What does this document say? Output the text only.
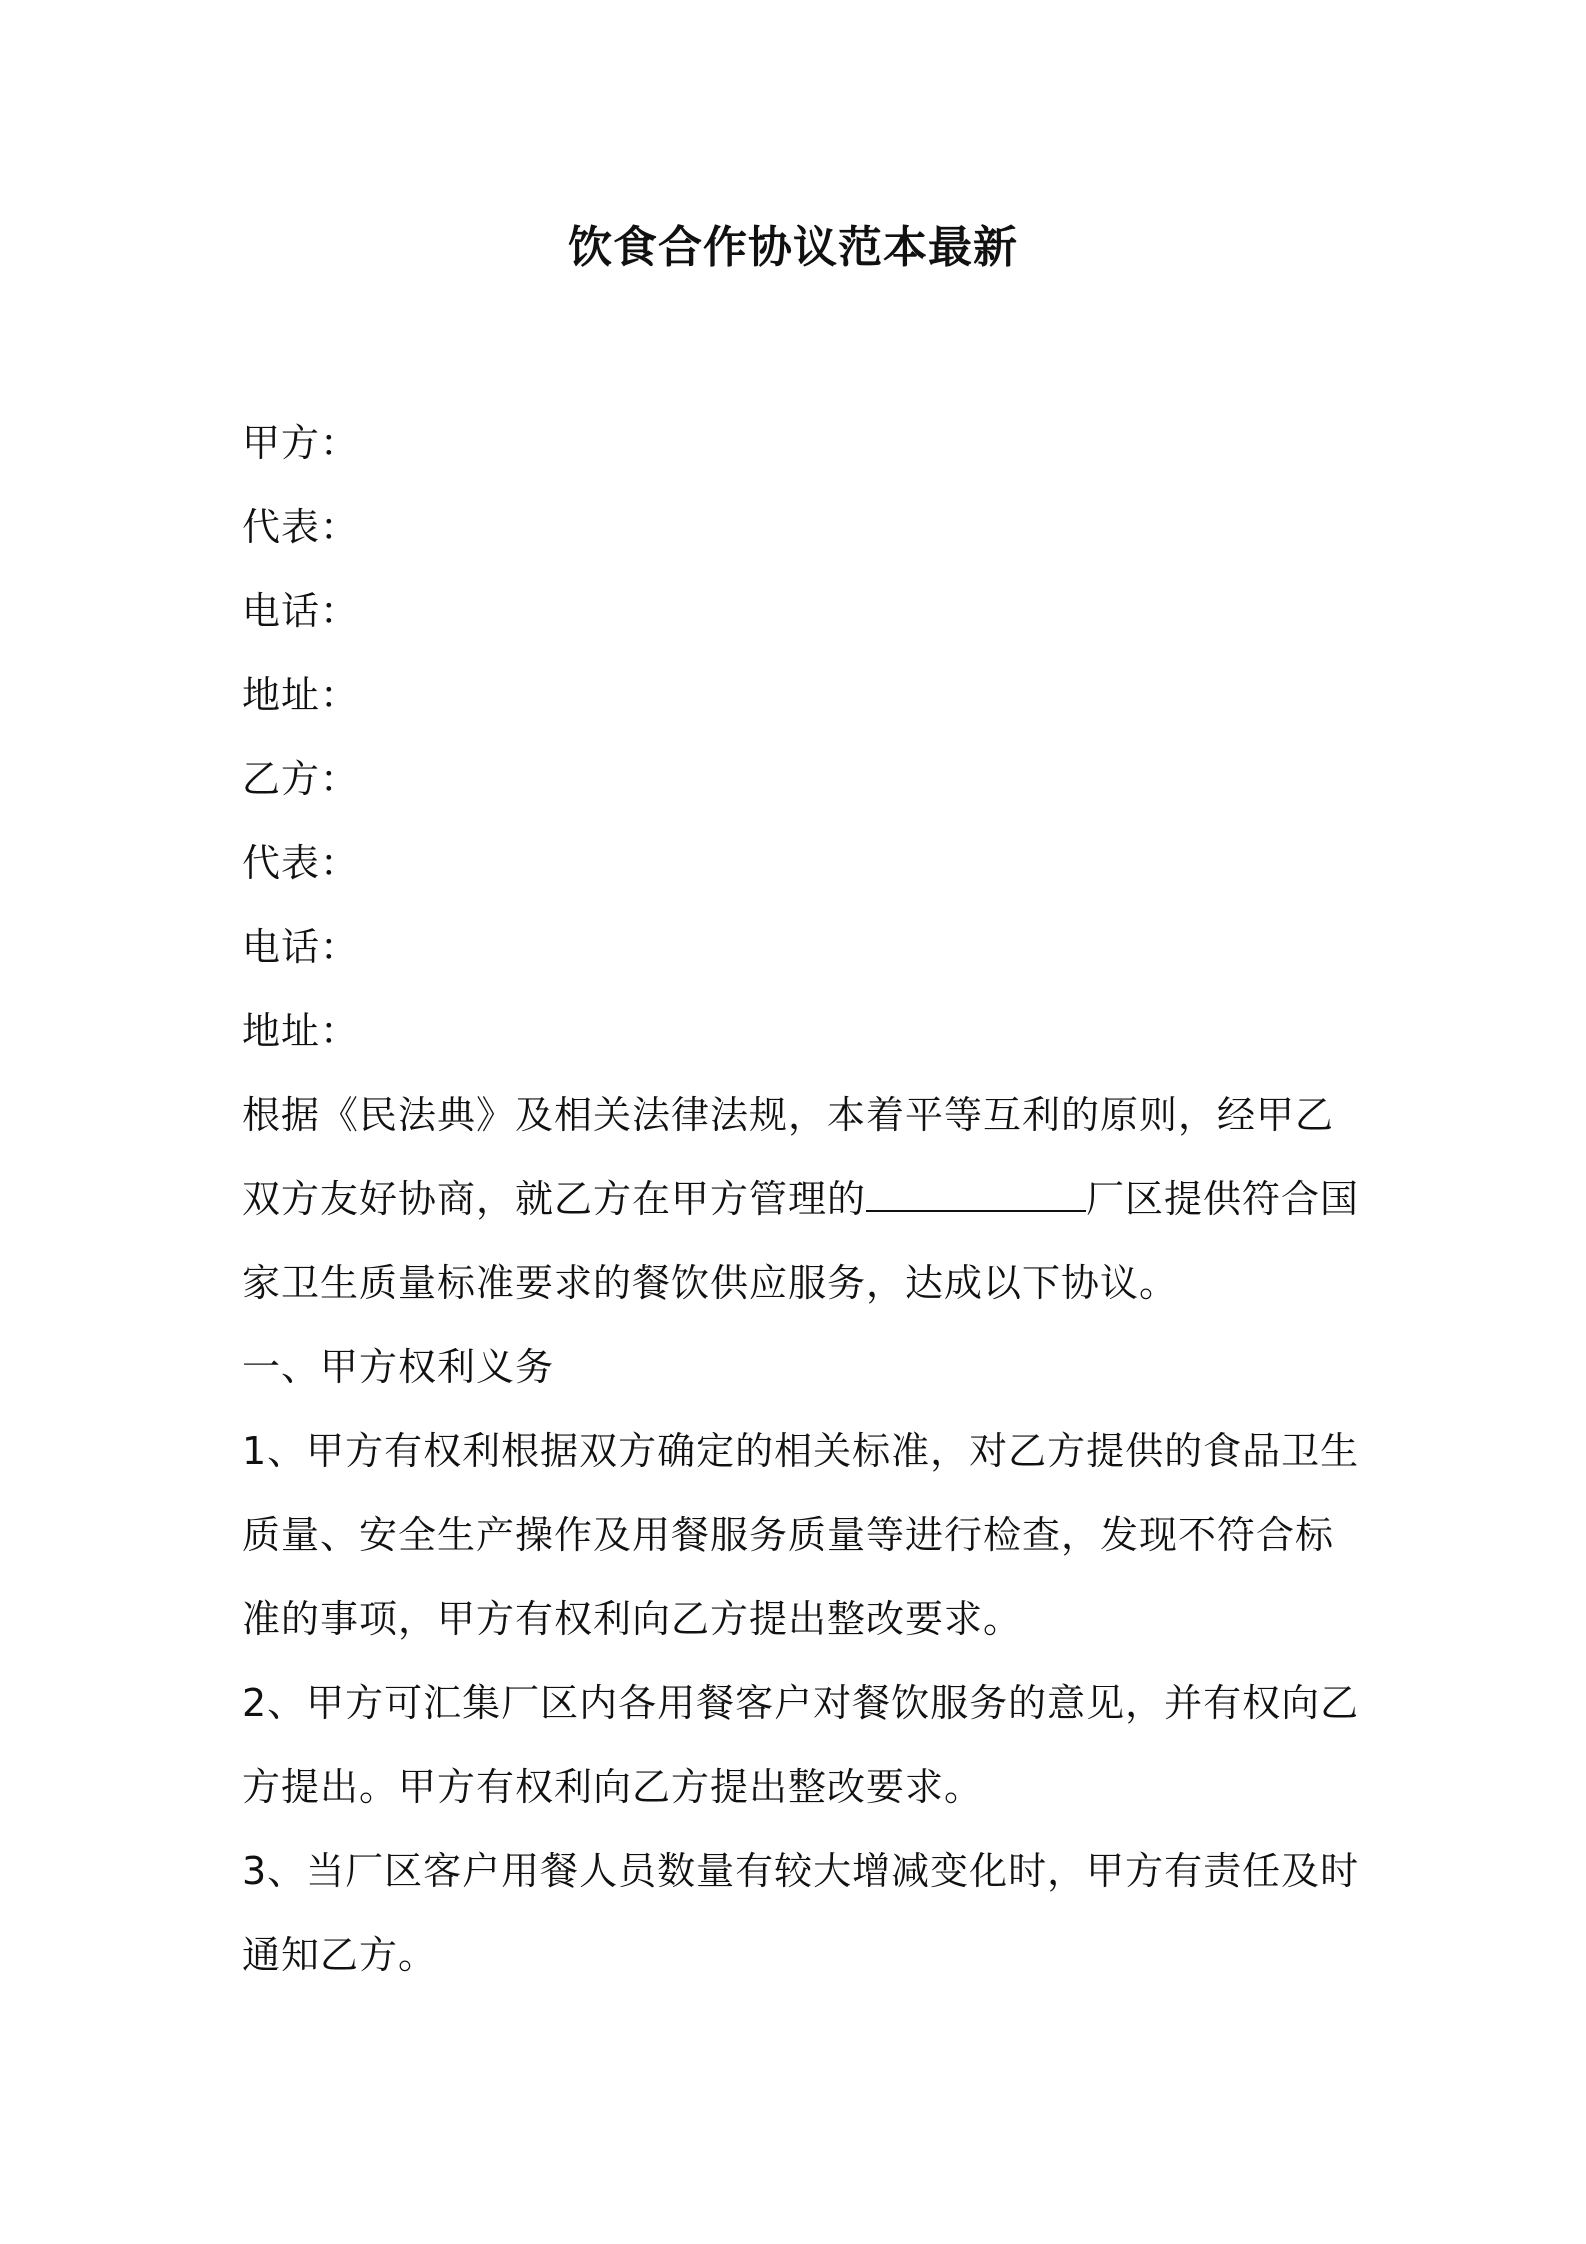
饮食合作协议范本最新
甲方：
代表：
电话：
地址：
乙方：
代表：
电话：
地址：

根据《民法典》及相关法律法规，本着平等互利的原则，经甲乙双方友好协商，就乙方在甲方管理的	厂区提供符合国家卫生质量标准要求的餐饮供应服务，达成以下协议。

一、甲方权利义务

1、甲方有权利根据双方确定的相关标准，对乙方提供的食品卫生质量、安全生产操作及用餐服务质量等进行检查，发现不符合标准的事项，甲方有权利向乙方提出整改要求。

2、甲方可汇集厂区内各用餐客户对餐饮服务的意见，并有权向乙方提出。甲方有权利向乙方提出整改要求。

3、当厂区客户用餐人员数量有较大增减变化时，甲方有责任及时通知乙方。
